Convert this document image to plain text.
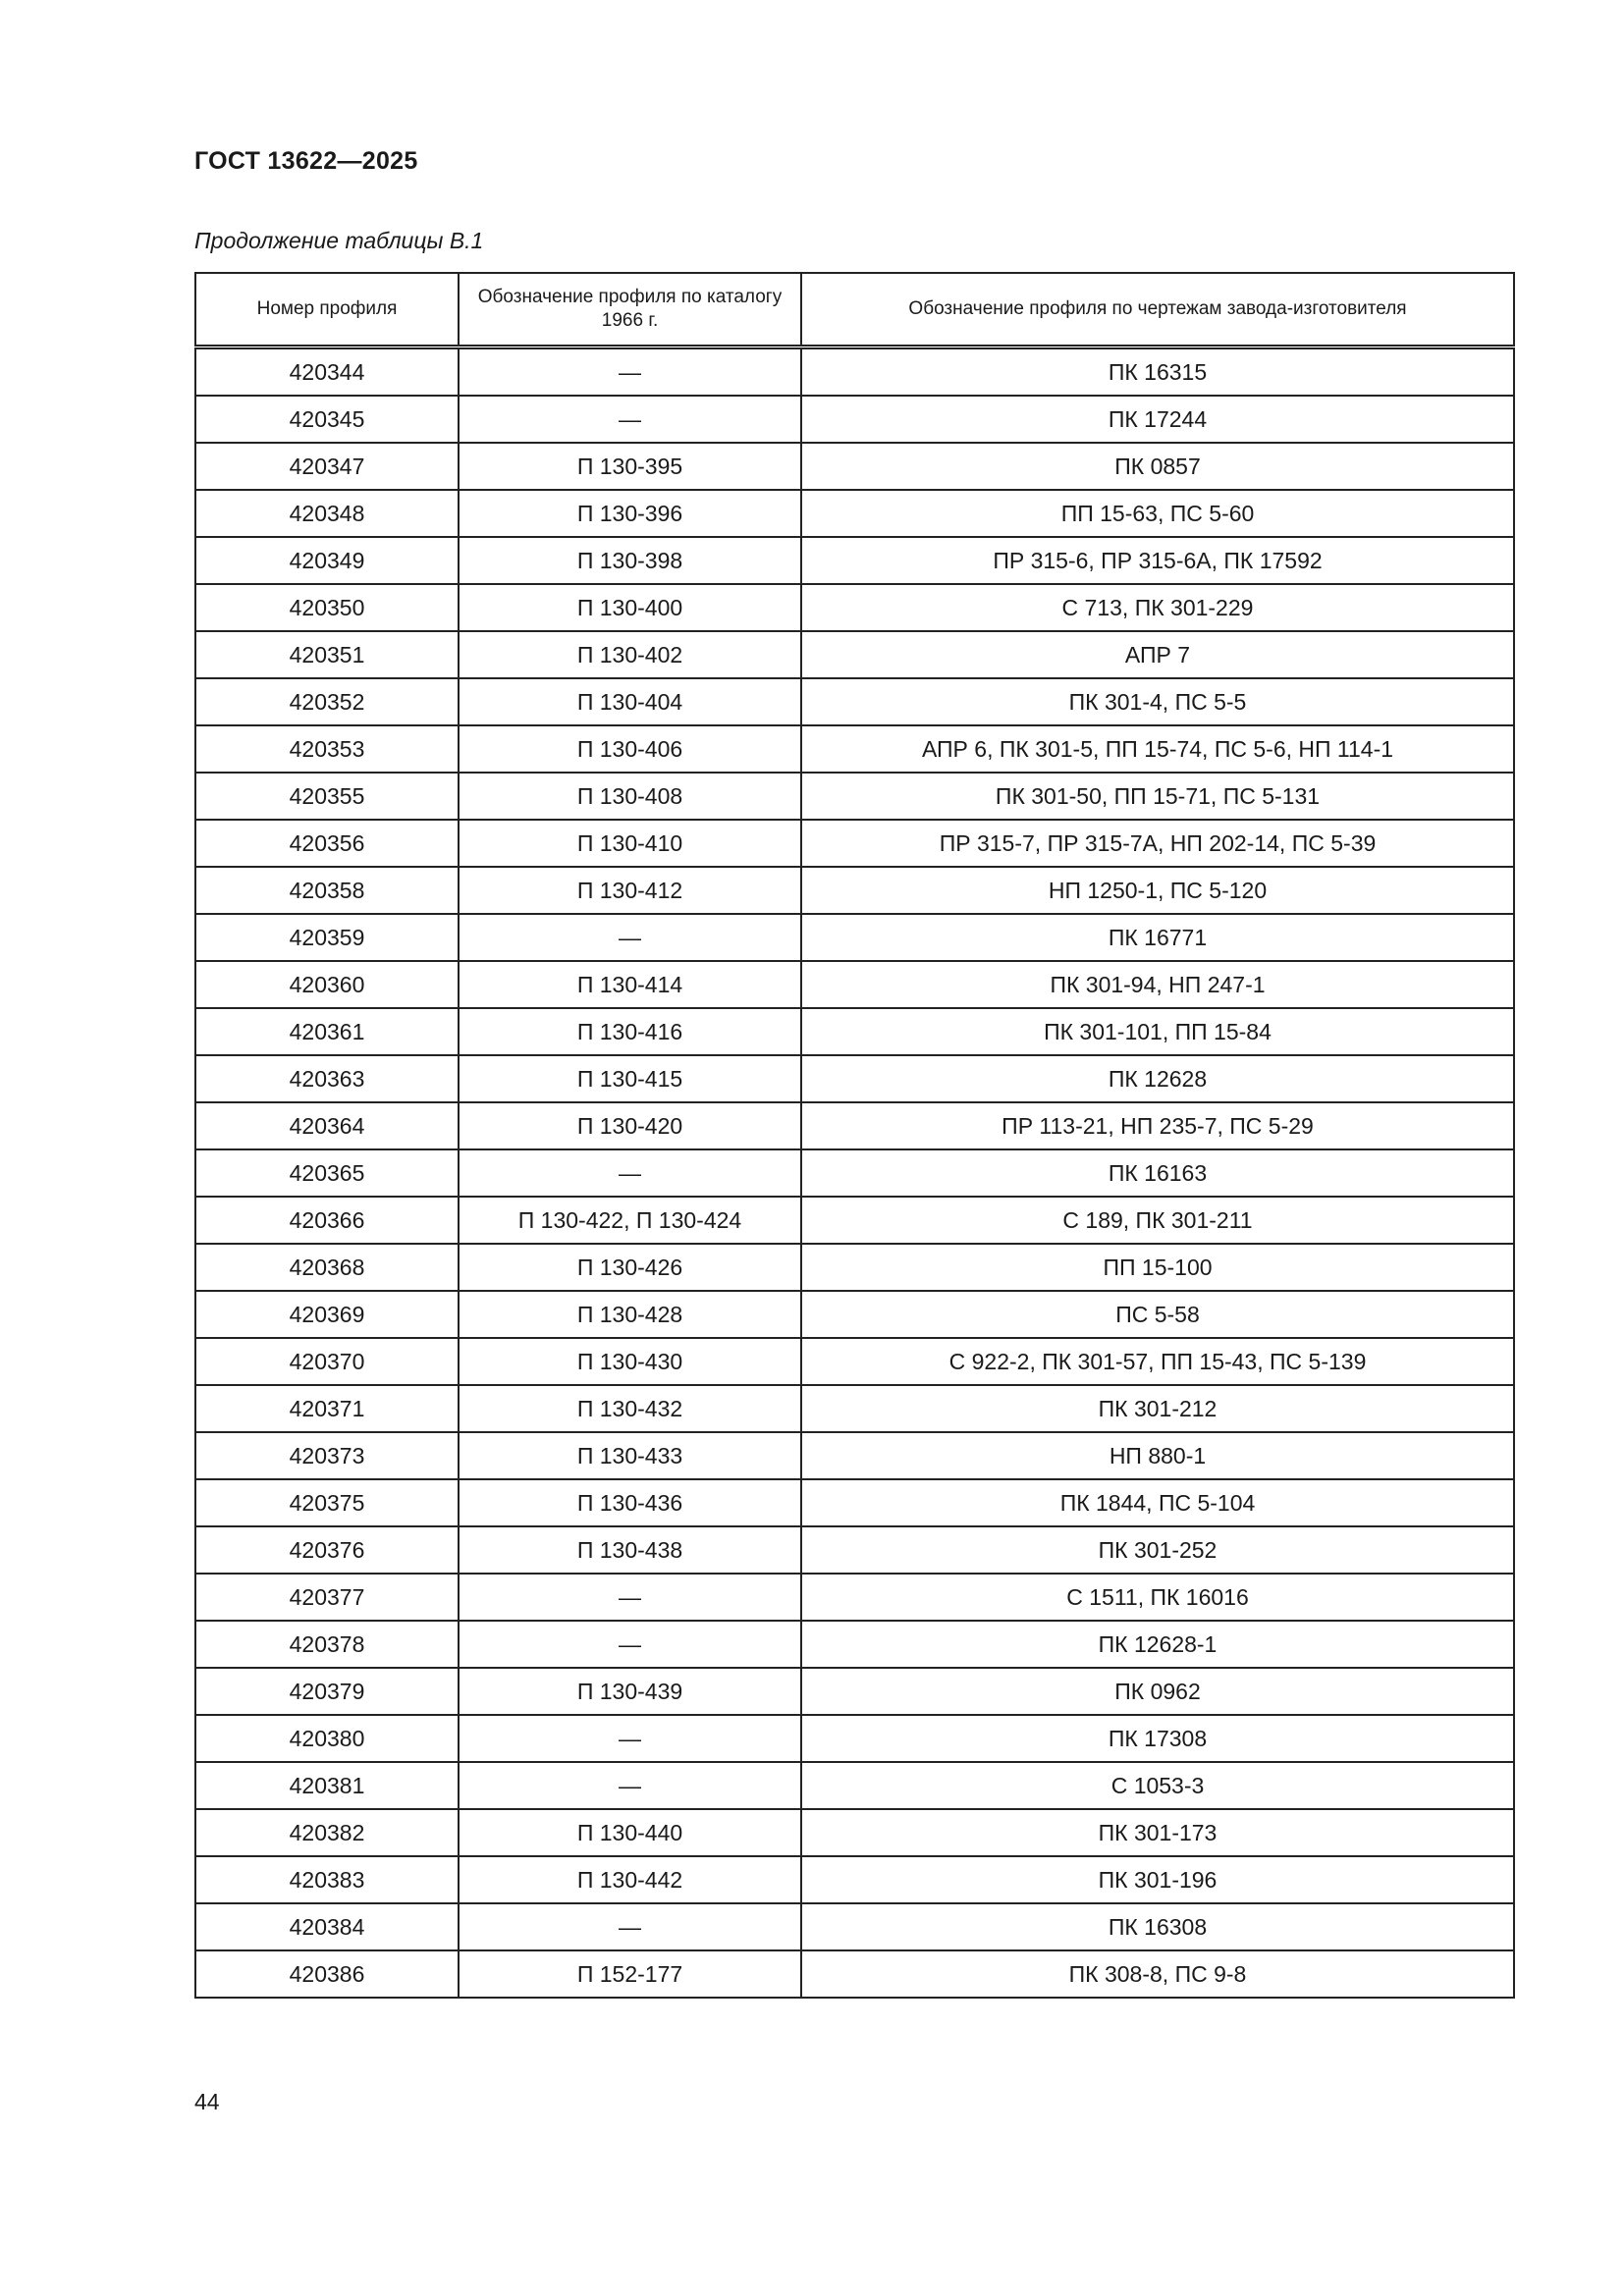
ГОСТ 13622—2025
Продолжение таблицы В.1
Номер профиля	Обозначение профиля по каталогу 1966 г.	Обозначение профиля по чертежам завода-изготовителя
420344	—	ПК 16315
420345	—	ПК 17244
420347	П 130-395	ПК 0857
420348	П 130-396	ПП 15-63, ПС 5-60
420349	П 130-398	ПР 315-6, ПР 315-6А, ПК 17592
420350	П 130-400	С 713, ПК 301-229
420351	П 130-402	АПР 7
420352	П 130-404	ПК 301-4, ПС 5-5
420353	П 130-406	АПР 6, ПК 301-5, ПП 15-74, ПС 5-6, НП 114-1
420355	П 130-408	ПК 301-50, ПП 15-71, ПС 5-131
420356	П 130-410	ПР 315-7, ПР 315-7А, НП 202-14, ПС 5-39
420358	П 130-412	НП 1250-1, ПС 5-120
420359	—	ПК 16771
420360	П 130-414	ПК 301-94, НП 247-1
420361	П 130-416	ПК 301-101, ПП 15-84
420363	П 130-415	ПК 12628
420364	П 130-420	ПР 113-21, НП 235-7, ПС 5-29
420365	—	ПК 16163
420366	П 130-422, П 130-424	С 189, ПК 301-211
420368	П 130-426	ПП 15-100
420369	П 130-428	ПС 5-58
420370	П 130-430	С 922-2, ПК 301-57, ПП 15-43, ПС 5-139
420371	П 130-432	ПК 301-212
420373	П 130-433	НП 880-1
420375	П 130-436	ПК 1844, ПС 5-104
420376	П 130-438	ПК 301-252
420377	—	С 1511, ПК 16016
420378	—	ПК 12628-1
420379	П 130-439	ПК 0962
420380	—	ПК 17308
420381	—	С 1053-3
420382	П 130-440	ПК 301-173
420383	П 130-442	ПК 301-196
420384	—	ПК 16308
420386	П 152-177	ПК 308-8, ПС 9-8
44
